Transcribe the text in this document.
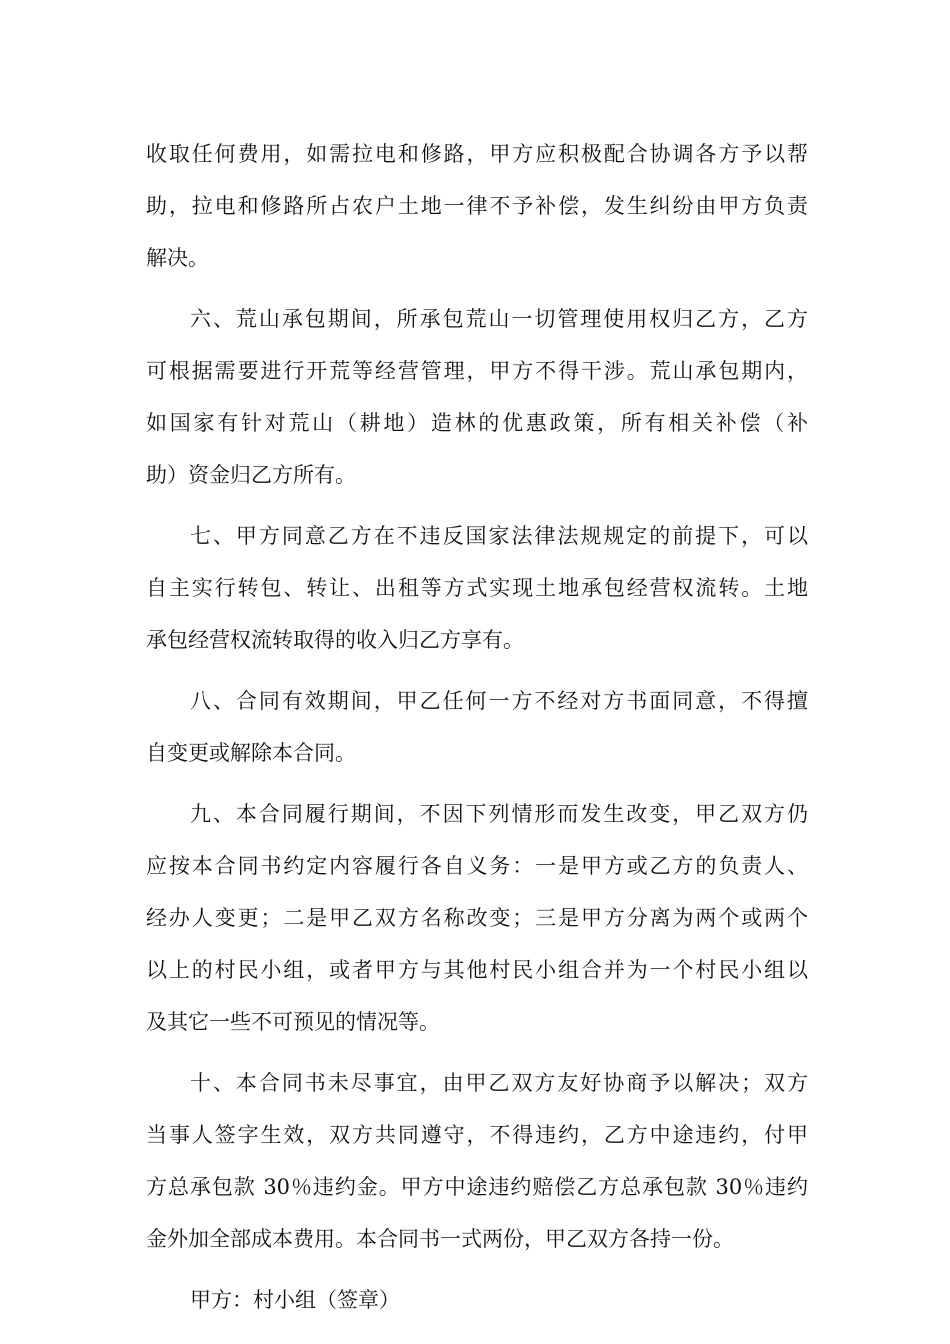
收取任何费用，如需拉电和修路，甲方应积极配合协调各方予以帮
助，拉电和修路所占农户土地一律不予补偿，发生纠纷由甲方负责
解决。
六、荒山承包期间，所承包荒山一切管理使用权归乙方，乙方
可根据需要进行开荒等经营管理，甲方不得干涉。荒山承包期内，
如国家有针对荒山（耕地）造林的优惠政策，所有相关补偿（补
助）资金归乙方所有。
七、甲方同意乙方在不违反国家法律法规规定的前提下，可以
自主实行转包、转让、出租等方式实现土地承包经营权流转。土地
承包经营权流转取得的收入归乙方享有。
八、合同有效期间，甲乙任何一方不经对方书面同意，不得擅
自变更或解除本合同。
九、本合同履行期间，不因下列情形而发生改变，甲乙双方仍
应按本合同书约定内容履行各自义务：一是甲方或乙方的负责人、
经办人变更；二是甲乙双方名称改变；三是甲方分离为两个或两个
以上的村民小组，或者甲方与其他村民小组合并为一个村民小组以
及其它一些不可预见的情况等。
十、本合同书未尽事宜，由甲乙双方友好协商予以解决；双方
当事人签字生效，双方共同遵守，不得违约，乙方中途违约，付甲
方总承包款 30％违约金。甲方中途违约赔偿乙方总承包款 30％违约
金外加全部成本费用。本合同书一式两份，甲乙双方各持一份。
甲方：村小组（签章）
